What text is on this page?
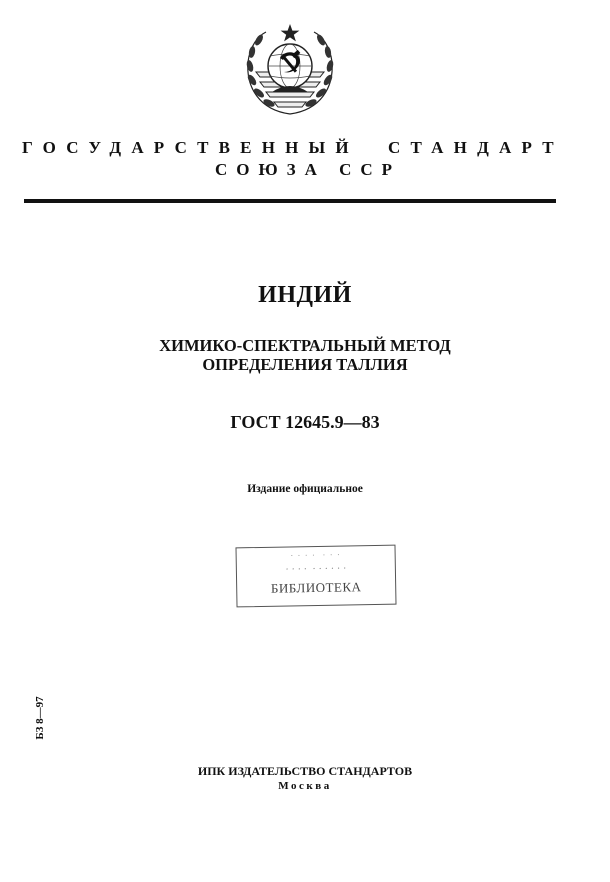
ГОСУДАРСТВЕННЫЙ СТАНДАРТ
СОЮЗА ССР
ИНДИЙ
ХИМИКО-СПЕКТРАЛЬНЫЙ МЕТОД
ОПРЕДЕЛЕНИЯ ТАЛЛИЯ
ГОСТ 12645.9—83
Издание официальное
· · · ·  · · ·
· · · ·  · · · · · ·
БИБЛИОТЕКА
БЗ 8—97
ИПК ИЗДАТЕЛЬСТВО СТАНДАРТОВ
Москва
